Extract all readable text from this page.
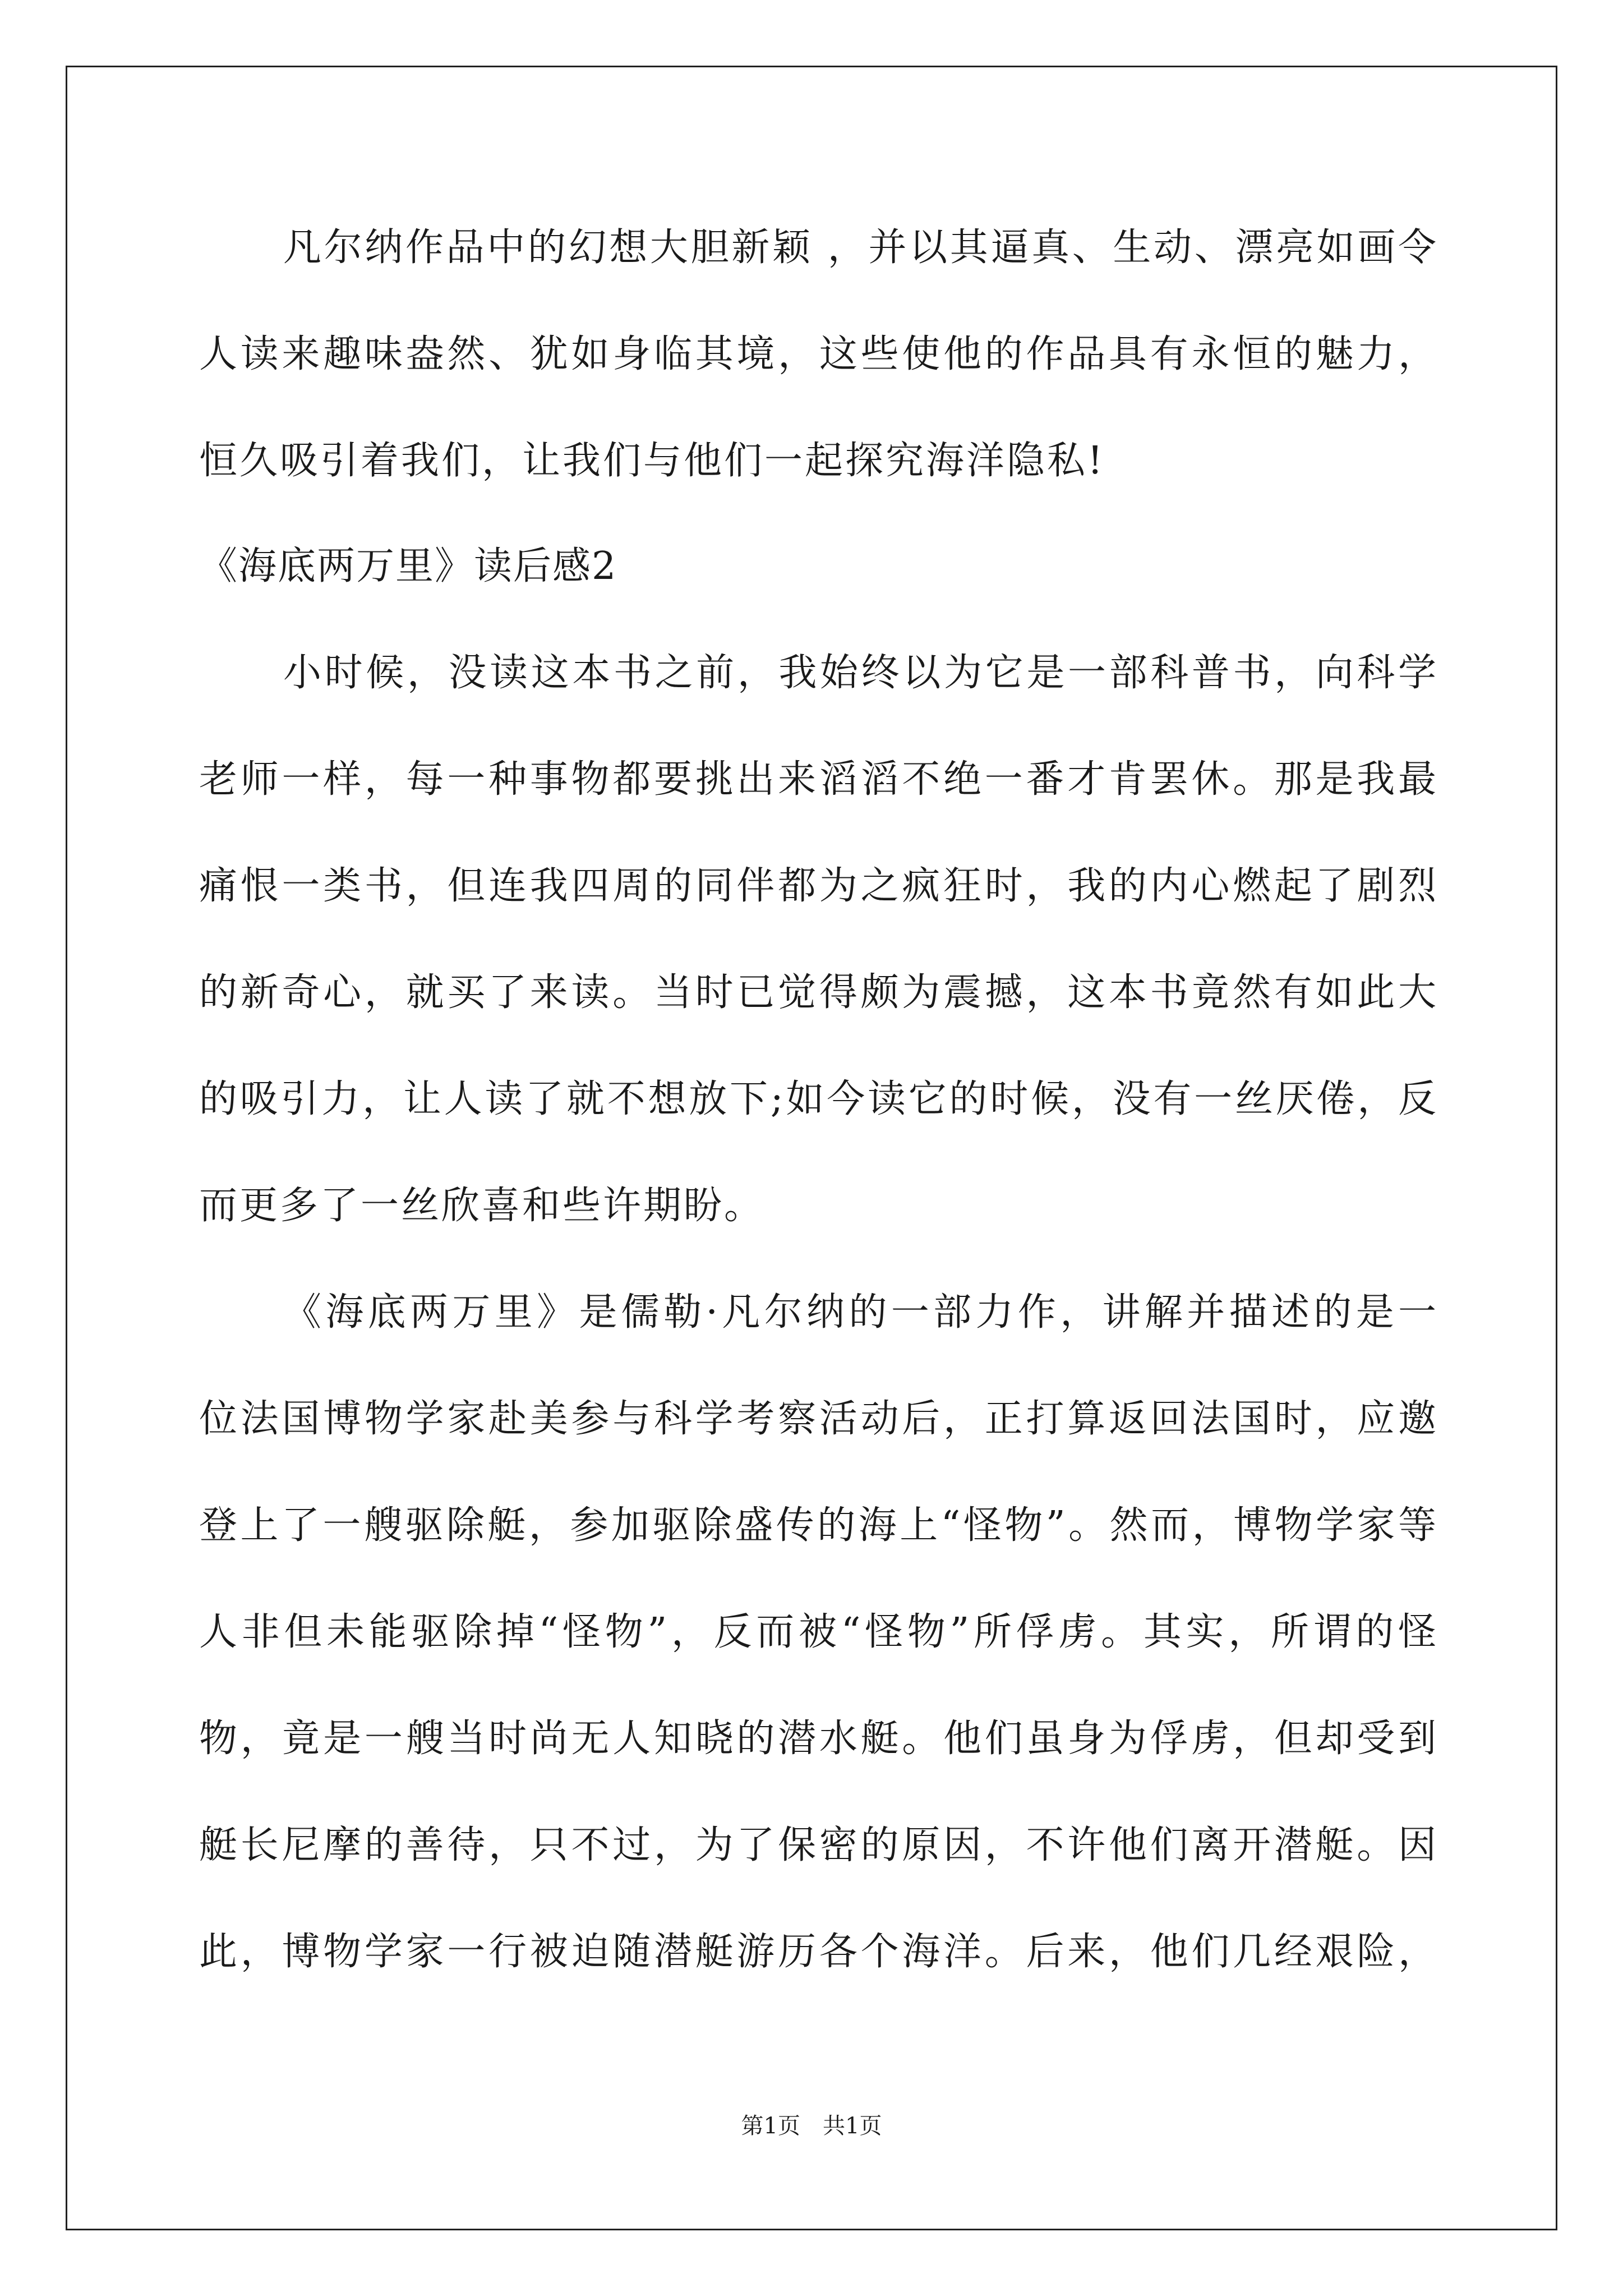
凡尔纳作品中的幻想大胆新颖 ，并以其逼真、生动、漂亮如画令
人读来趣味盎然、犹如身临其境，这些使他的作品具有永恒的魅力，
恒久吸引着我们，让我们与他们一起探究海洋隐私!
《海底两万里》读后感2
小时候，没读这本书之前，我始终以为它是一部科普书，向科学
老师一样，每一种事物都要挑出来滔滔不绝一番才肯罢休。那是我最
痛恨一类书，但连我四周的同伴都为之疯狂时，我的内心燃起了剧烈
的新奇心，就买了来读。当时已觉得颇为震撼，这本书竟然有如此大
的吸引力，让人读了就不想放下;如今读它的时候，没有一丝厌倦，反
而更多了一丝欣喜和些许期盼。
《海底两万里》是儒勒·凡尔纳的一部力作，讲解并描述的是一
位法国博物学家赴美参与科学考察活动后，正打算返回法国时，应邀
登上了一艘驱除艇，参加驱除盛传的海上“怪物”。然而，博物学家等
人非但未能驱除掉“怪物”，反而被“怪物”所俘虏。其实，所谓的怪
物，竟是一艘当时尚无人知晓的潜水艇。他们虽身为俘虏，但却受到
艇长尼摩的善待，只不过，为了保密的原因，不许他们离开潜艇。因
此，博物学家一行被迫随潜艇游历各个海洋。后来，他们几经艰险，
第1页　共1页
